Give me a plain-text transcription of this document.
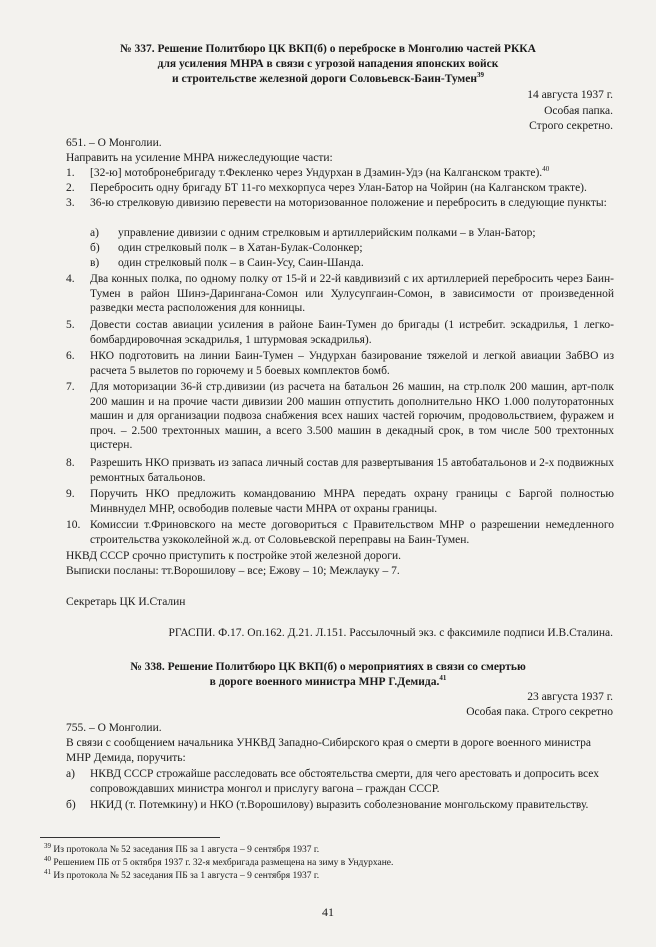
№ 337. Решение Политбюро ЦК ВКП(б) о переброске в Монголию частей РККА
для усиления МНРА в связи с угрозой нападения японских войск
и строительстве железной дороги Соловьевск-Баин-Тумен$^{39}$
14 августа 1937 г.
Особая папка.
Строго секретно.
651. – О Монголии.
Направить на усиление МНРА нижеследующие части:
1. [32-ю] мотобронебригаду т.Фекленко через Ундурхан в Дзамин-Удэ (на Калганском тракте).$^{40}$
2. Перебросить одну бригаду БТ 11-го мехкорпуса через Улан-Батор на Чойрин (на Калганском тракте).
3. 36-ю стрелковую дивизию перевести на моторизованное положение и перебросить в следующие пункты:
а) управление дивизии с одним стрелковым и артиллерийским полками – в Улан-Батор;
б) один стрелковый полк – в Хатан-Булак-Солонкер;
в) один стрелковый полк – в Саин-Усу, Саин-Шанда.
4. Два конных полка, по одному полку от 15-й и 22-й кавдивизий с их артиллерией перебросить через Баин-Тумен в район Шинэ-Дарингана-Сомон или Хулусупгаин-Сомон, в зависимости от произведенной разведки места расположения для конницы.
5. Довести состав авиации усиления в районе Баин-Тумен до бригады (1 истребит. эскадрилья, 1 легко-бомбардировочная эскадрилья, 1 штурмовая эскадрилья).
6. НКО подготовить на линии Баин-Тумен – Ундурхан базирование тяжелой и легкой авиации ЗабВО из расчета 5 вылетов по горючему и 5 боевых комплектов бомб.
7. Для моторизации 36-й стр.дивизии (из расчета на батальон 26 машин, на стр.полк 200 машин, арт-полк 200 машин и на прочие части дивизии 200 машин отпустить дополнительно НКО 1.000 полуторатонных машин и для организации подвоза снабжения всех наших частей горючим, продовольствием, фуражем и проч. – 2.500 трехтонных машин, а всего 3.500 машин в декадный срок, в том числе 500 трехтонных цистерн.
8. Разрешить НКО призвать из запаса личный состав для развертывания 15 автобатальонов и 2-х подвижных ремонтных батальонов.
9. Поручить НКО предложить командованию МНРА передать охрану границы с Баргой полностью Минвнудел МНР, освободив полевые части МНРА от охраны границы.
10. Комиссии т.Фриновского на месте договориться с Правительством МНР о разрешении немедленного строительства узкоколейной ж.д. от Соловьевской переправы на Баин-Тумен.
НКВД СССР срочно приступить к постройке этой железной дороги.
Выписки посланы: тт.Ворошилову – все; Ежову – 10; Межлауку – 7.
Секретарь ЦК И.Сталин
РГАСПИ. Ф.17. Оп.162. Д.21. Л.151. Рассылочный экз. с факсимиле подписи И.В.Сталина.
№ 338. Решение Политбюро ЦК ВКП(б) о мероприятиях в связи со смертью
в дороге военного министра МНР Г.Демида.$^{41}$
23 августа 1937 г.
Особая пака. Строго секретно
755. – О Монголии.
В связи с сообщением начальника УНКВД Западно-Сибирского края о смерти в дороге военного министра МНР Демида, поручить:
а) НКВД СССР строжайше расследовать все обстоятельства смерти, для чего арестовать и допросить всех сопровождавших министра монгол и прислугу вагона – граждан СССР.
б) НКИД (т. Потемкину) и НКО (т.Ворошилову) выразить соболезнование монгольскому правительству.
$^{39}$ Из протокола № 52 заседания ПБ за 1 августа – 9 сентября 1937 г.
$^{40}$ Решением ПБ от 5 октября 1937 г. 32-я мехбригада размещена на зиму в Ундурхане.
$^{41}$ Из протокола № 52 заседания ПБ за 1 августа – 9 сентября 1937 г.
41
